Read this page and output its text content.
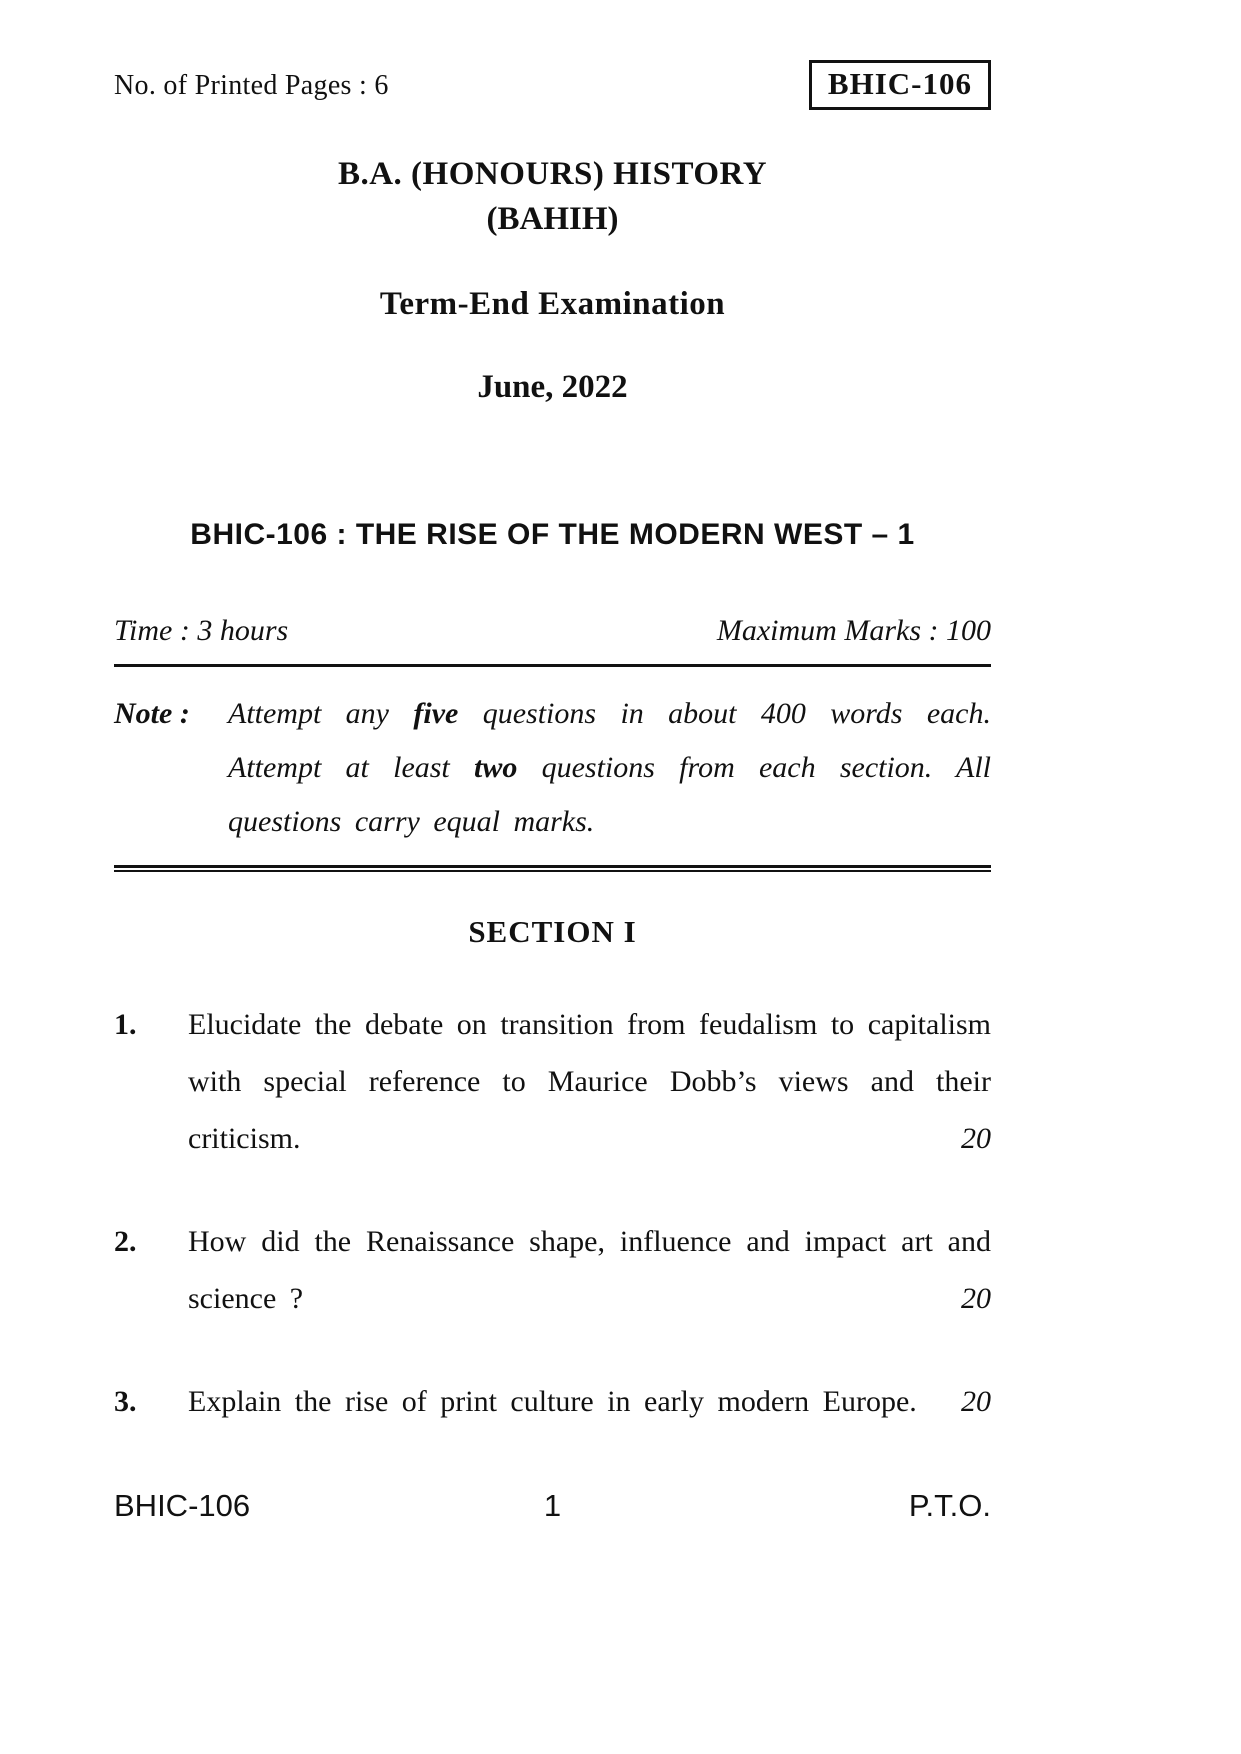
No. of Printed Pages : 6	BHIC-106
B.A. (HONOURS) HISTORY
(BAHIH)
Term-End Examination
June, 2022
BHIC-106 : THE RISE OF THE MODERN WEST – 1
Time : 3 hours	Maximum Marks : 100
Note :	Attempt any five questions in about 400 words each. Attempt at least two questions from each section. All questions carry equal marks.
SECTION I
1.	Elucidate the debate on transition from feudalism to capitalism with special reference to Maurice Dobb’s views and their criticism.	20
2.	How did the Renaissance shape, influence and impact art and science ?	20
3.	Explain the rise of print culture in early modern Europe. 20
BHIC-106	1	P.T.O.
